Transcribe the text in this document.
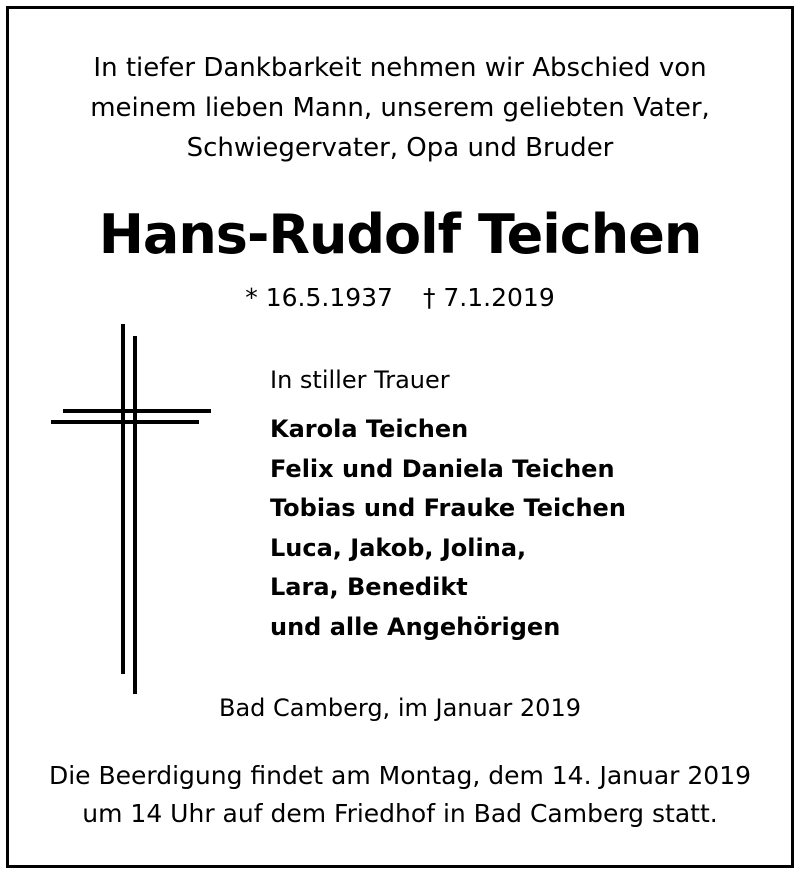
In tiefer Dankbarkeit nehmen wir Abschied von
meinem lieben Mann, unserem geliebten Vater,
Schwiegervater, Opa und Bruder
Hans-Rudolf Teichen
* 16.5.1937 † 7.1.2019
In stiller Trauer
Karola Teichen
Felix und Daniela Teichen
Tobias und Frauke Teichen
Luca, Jakob, Jolina,
Lara, Benedikt
und alle Angehörigen
Bad Camberg, im Januar 2019
Die Beerdigung findet am Montag, dem 14. Januar 2019
um 14 Uhr auf dem Friedhof in Bad Camberg statt.
